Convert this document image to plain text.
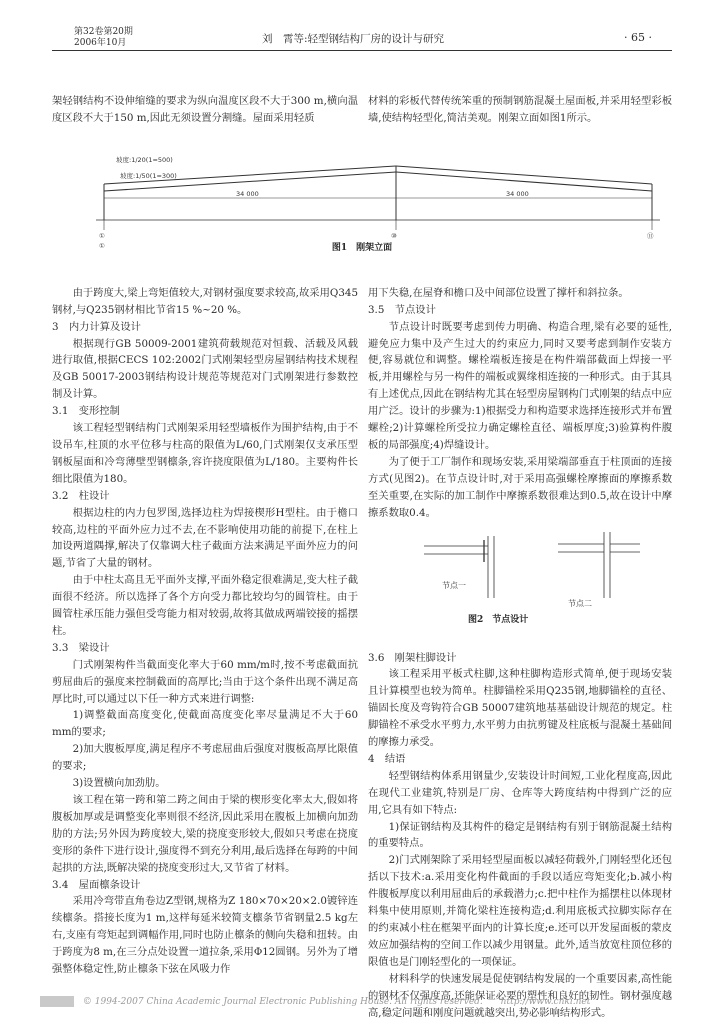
第32卷第20期
2006年10月	刘　霄等:轻型钢结构厂房的设计与研究	· 65 ·

架轻钢结构不设伸缩缝的要求为纵向温度区段不大于300 m,横向温度区段不大于150 m,因此无须设置分割缝。屋面采用轻质

由于跨度大,梁上弯矩值较大,对钢材强度要求较高,故采用Q345钢材,与Q235钢材相比节省15 %~20 %。

3　内力计算及设计

根据现行GB 50009-2001建筑荷载规范对恒载、活载及风载进行取值,根据CECS 102:2002门式刚架轻型房屋钢结构技术规程及GB 50017-2003钢结构设计规范等规范对门式刚架进行参数控制及计算。

3.1　变形控制

该工程轻型钢结构门式刚架采用轻型墙板作为围护结构,由于不设吊车,柱顶的水平位移与柱高的限值为L/60,门式刚架仅支承压型钢板屋面和冷弯薄壁型钢檩条,容许挠度限值为L/180。主要构件长细比限值为180。

3.2　柱设计

根据边柱的内力包罗图,选择边柱为焊接楔形H型柱。由于檐口较高,边柱的平面外应力过不去,在不影响使用功能的前提下,在柱上加设两道隅撑,解决了仅靠调大柱子截面方法来满足平面外应力的问题,节省了大量的钢材。

由于中柱太高且无平面外支撑,平面外稳定很难满足,变大柱子截面很不经济。所以选择了各个方向受力都比较均匀的圆管柱。由于圆管柱承压能力强但受弯能力相对较弱,故将其做成两端铰接的摇摆柱。

3.3　梁设计

门式刚架构件当截面变化率大于60 mm/m时,按不考虑截面抗剪屈曲后的强度来控制截面的高厚比;当由于这个条件出现不满足高厚比时,可以通过以下任一种方式来进行调整:

1)调整截面高度变化,使截面高度变化率尽量满足不大于60 mm的要求;

2)加大腹板厚度,满足程序不考虑屈曲后强度对腹板高厚比限值的要求;

3)设置横向加劲肋。

该工程在第一跨和第二跨之间由于梁的楔形变化率太大,假如将腹板加厚或是调整变化率则很不经济,因此采用在腹板上加横向加劲肋的方法;另外因为跨度较大,梁的挠度变形较大,假如只考虑在挠度变形的条件下进行设计,强度得不到充分利用,最后选择在每跨的中间起拱的方法,既解决梁的挠度变形过大,又节省了材料。

3.4　屋面檩条设计

采用冷弯带直角卷边Z型钢,规格为Z 180×70×20×2.0镀锌连续檩条。搭接长度为1 m,这样每延米较简支檩条节省钢量2.5 kg左右,支座有弯矩起到调幅作用,同时也防止檩条的侧向失稳和扭转。由于跨度为8 m,在三分点处设置一道拉条,采用Φ12圆钢。另外为了增强整体稳定性,防止檩条下弦在风吸力作

材料的彩板代替传统笨重的预制钢筋混凝土屋面板,并采用轻型彩板墙,使结构轻型化,简洁美观。刚架立面如图1所示。

用下失稳,在屋脊和檐口及中间部位设置了撑杆和斜拉条。

3.5　节点设计

节点设计时既要考虑到传力明确、构造合理,梁有必要的延性,避免应力集中及产生过大的约束应力,同时又要考虑到制作安装方便,容易就位和调整。螺栓端板连接是在构件端部截面上焊接一平板,并用螺栓与另一构件的端板或翼缘相连接的一种形式。由于其具有上述优点,因此在钢结构尤其在轻型房屋钢构门式刚架的结点中应用广泛。设计的步骤为:1)根据受力和构造要求选择连接形式并布置螺栓;2)计算螺栓所受拉力确定螺栓直径、端板厚度;3)验算构件腹板的局部强度;4)焊缝设计。

为了便于工厂制作和现场安装,采用梁端部垂直于柱顶面的连接方式(见图2)。在节点设计时,对于采用高强螺栓摩擦面的摩擦系数至关重要,在实际的加工制作中摩擦系数很难达到0.5,故在设计中摩擦系数取0.4。

3.6　刚架柱脚设计

该工程采用平板式柱脚,这种柱脚构造形式简单,便于现场安装且计算模型也较为简单。柱脚锚栓采用Q235钢,地脚锚栓的直径、锚固长度及弯钩符合GB 50007建筑地基基础设计规范的规定。柱脚锚栓不承受水平剪力,水平剪力由抗剪键及柱底板与混凝土基础间的摩擦力承受。

4　结语

轻型钢结构体系用钢量少,安装设计时间短,工业化程度高,因此在现代工业建筑,特别是厂房、仓库等大跨度结构中得到广泛的应用,它具有如下特点:

1)保证钢结构及其构件的稳定是钢结构有别于钢筋混凝土结构的重要特点。

2)门式刚架除了采用轻型屋面板以减轻荷载外,门刚轻型化还包括以下技术:a.采用变化构件截面的手段以适应弯矩变化;b.减小构件腹板厚度以利用屈曲后的承载潜力;c.把中柱作为摇摆柱以体现材料集中使用原则,并简化梁柱连接构造;d.利用底板式拉脚实际存在的约束减小柱在框架平面内的计算长度;e.还可以开发屋面板的蒙皮效应加强结构的空间工作以减少用钢量。此外,适当放宽柱顶位移的限值也是门刚轻型化的一项保证。

材料科学的快速发展是促使钢结构发展的一个重要因素,高性能的钢材不仅强度高,还能保证必要的塑性和良好的韧性。钢材强度越高,稳定问题和刚度问题就越突出,势必影响结构形式。

坡度:1/20(1=500)
坡度:1/50(1=300)
34 000	34 000
①	⑩	⑪
①	图1　刚架立面
节点一
节点二
图2　节点设计
© 1994-2007 China Academic Journal Electronic Publishing House. All rights reserved.　　http://www.cnki.net
